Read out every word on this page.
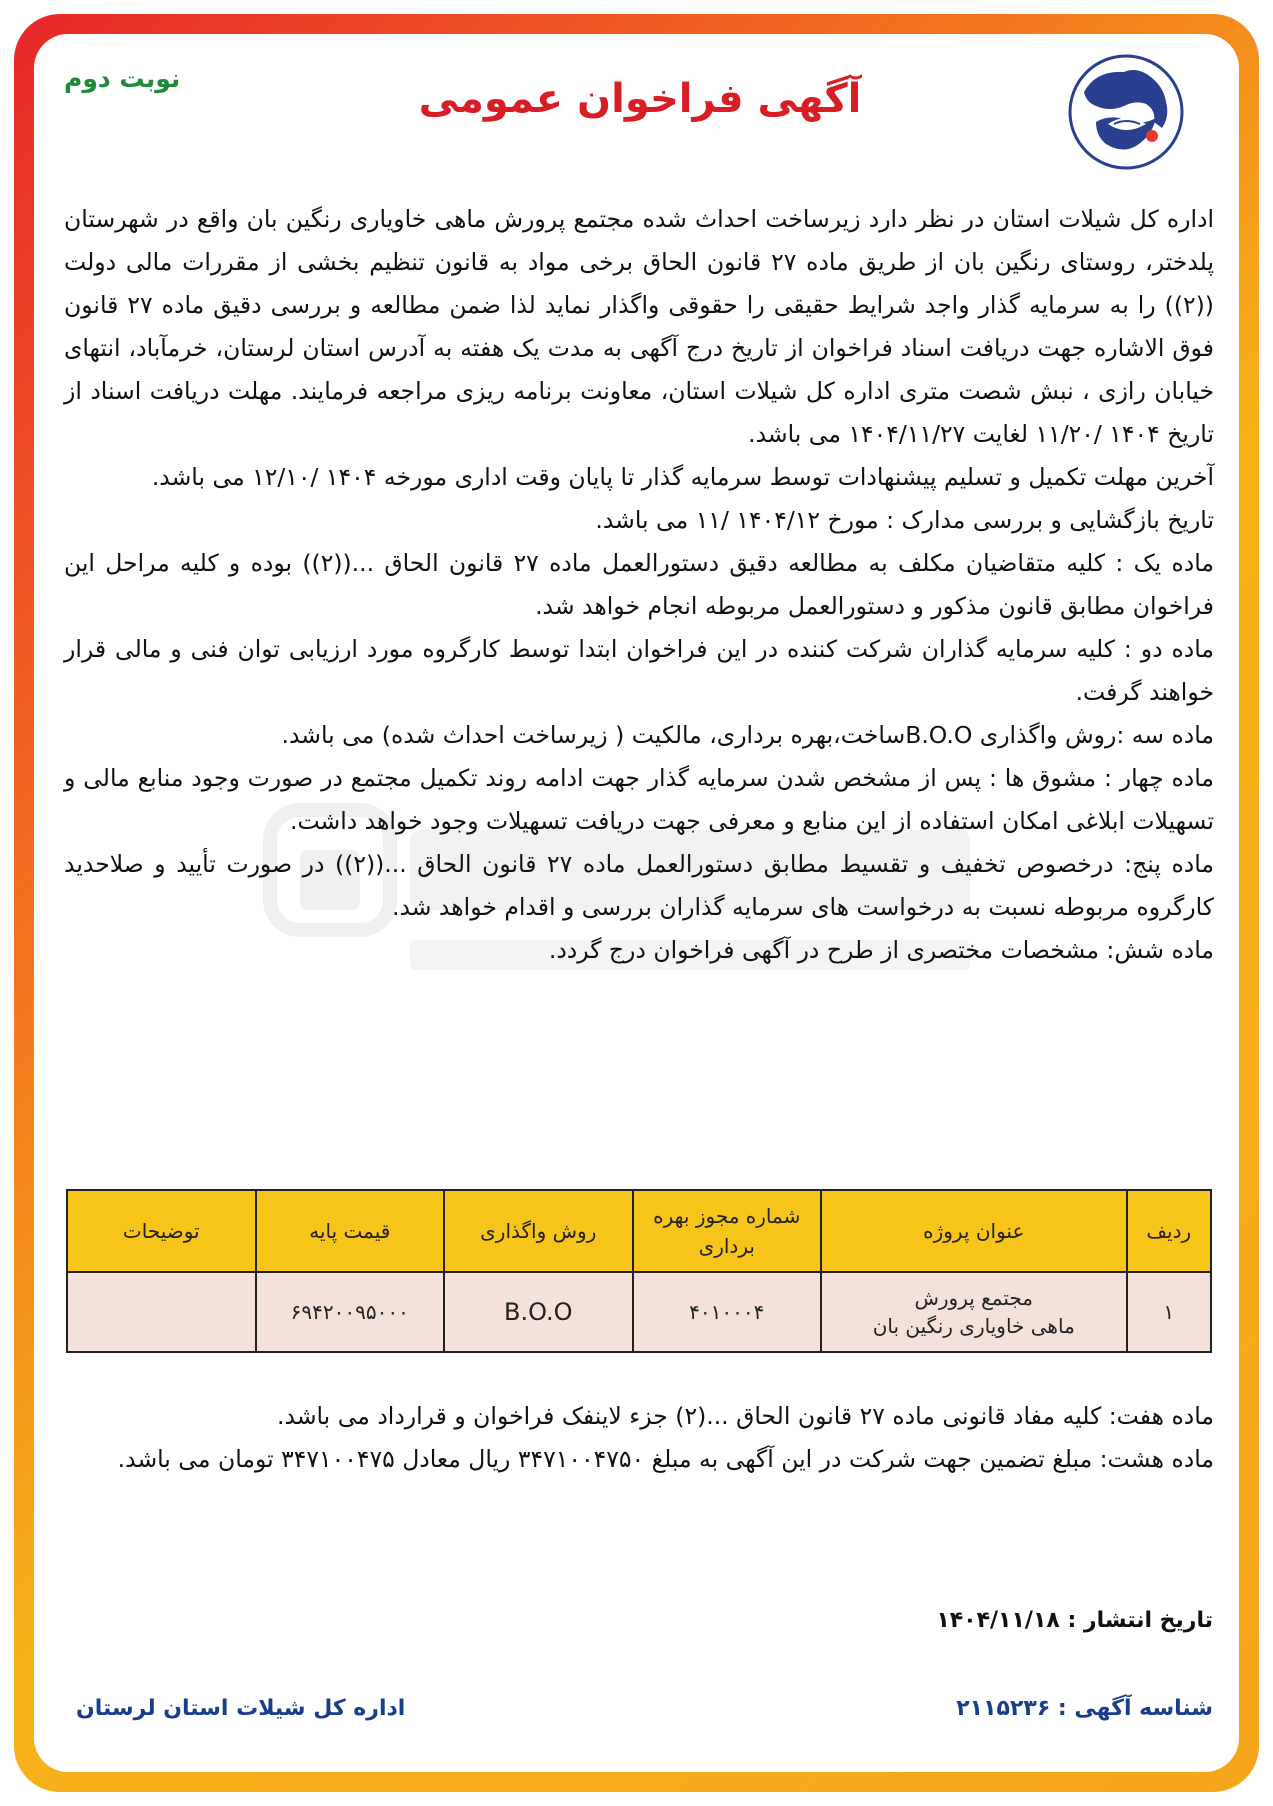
نوبت دوم	آگهی فراخوان عمومی

اداره کل شیلات استان در نظر دارد زیرساخت احداث شده مجتمع پرورش ماهی خاویاری رنگین بان واقع در شهرستان پلدختر، روستای رنگین بان از طریق ماده ۲۷ قانون الحاق برخی مواد به قانون تنظیم بخشی از مقررات مالی دولت ((۲)) را به سرمایه گذار واجد شرایط حقیقی را حقوقی واگذار نماید لذا ضمن مطالعه و بررسی دقیق ماده ۲۷ قانون فوق الاشاره جهت دریافت اسناد فراخوان از تاریخ درج آگهی به مدت یک هفته به آدرس استان لرستان، خرمآباد، انتهای خیابان رازی ، نبش شصت متری اداره کل شیلات استان، معاونت برنامه ریزی مراجعه فرمایند. مهلت دریافت اسناد از تاریخ ۱۴۰۴ /۱۱/۲۰ لغایت ۱۴۰۴/۱۱/۲۷ می باشد.

آخرین مهلت تکمیل و تسلیم پیشنهادات توسط سرمایه گذار تا پایان وقت اداری مورخه ۱۴۰۴ /۱۲/۱۰ می باشد.

تاریخ بازگشایی و بررسی مدارک : مورخ ۱۴۰۴/۱۲ /۱۱ می باشد.

ماده یک : کلیه متقاضیان مکلف به مطالعه دقیق دستورالعمل ماده ۲۷ قانون الحاق ...((۲)) بوده و کلیه مراحل این فراخوان مطابق قانون مذکور و دستورالعمل مربوطه انجام خواهد شد.

ماده دو : کلیه سرمایه گذاران شرکت کننده در این فراخوان ابتدا توسط کارگروه مورد ارزیابی توان فنی و مالی قرار خواهند گرفت.

ماده سه :روش واگذاری B.O.Oساخت،بهره برداری، مالکیت ( زیرساخت احداث شده) می باشد.

ماده چهار : مشوق ها : پس از مشخص شدن سرمایه گذار جهت ادامه روند تکمیل مجتمع در صورت وجود منابع مالی و تسهیلات ابلاغی امکان استفاده از این منابع و معرفی جهت دریافت تسهیلات وجود خواهد داشت.

ماده پنج: درخصوص تخفیف و تقسیط مطابق دستورالعمل ماده ۲۷ قانون الحاق ...((۲)) در صورت تأیید و صلاحدید کارگروه مربوطه نسبت به درخواست های سرمایه گذاران بررسی و اقدام خواهد شد.

ماده شش: مشخصات مختصری از طرح در آگهی فراخوان درج گردد.

ردیف	عنوان پروژه	شماره مجوز بهره برداری	روش واگذاری	قیمت پایه	توضیحات
۱	مجتمع پرورش
ماهی خاویاری رنگین بان	۴۰۱۰۰۰۴	B.O.O	۶۹۴۲۰۰۹۵۰۰۰	

ماده هفت: کلیه مفاد قانونی ماده ۲۷ قانون الحاق ...(۲) جزء لاینفک فراخوان و قرارداد می باشد.

ماده هشت: مبلغ تضمین جهت شرکت در این آگهی به مبلغ ۳۴۷۱۰۰۴۷۵۰ ریال معادل ۳۴۷۱۰۰۴۷۵ تومان می باشد.

تاریخ انتشار : ۱۴۰۴/۱۱/۱۸
شناسه آگهی : ۲۱۱۵۲۳۶
اداره کل شیلات استان لرستان
